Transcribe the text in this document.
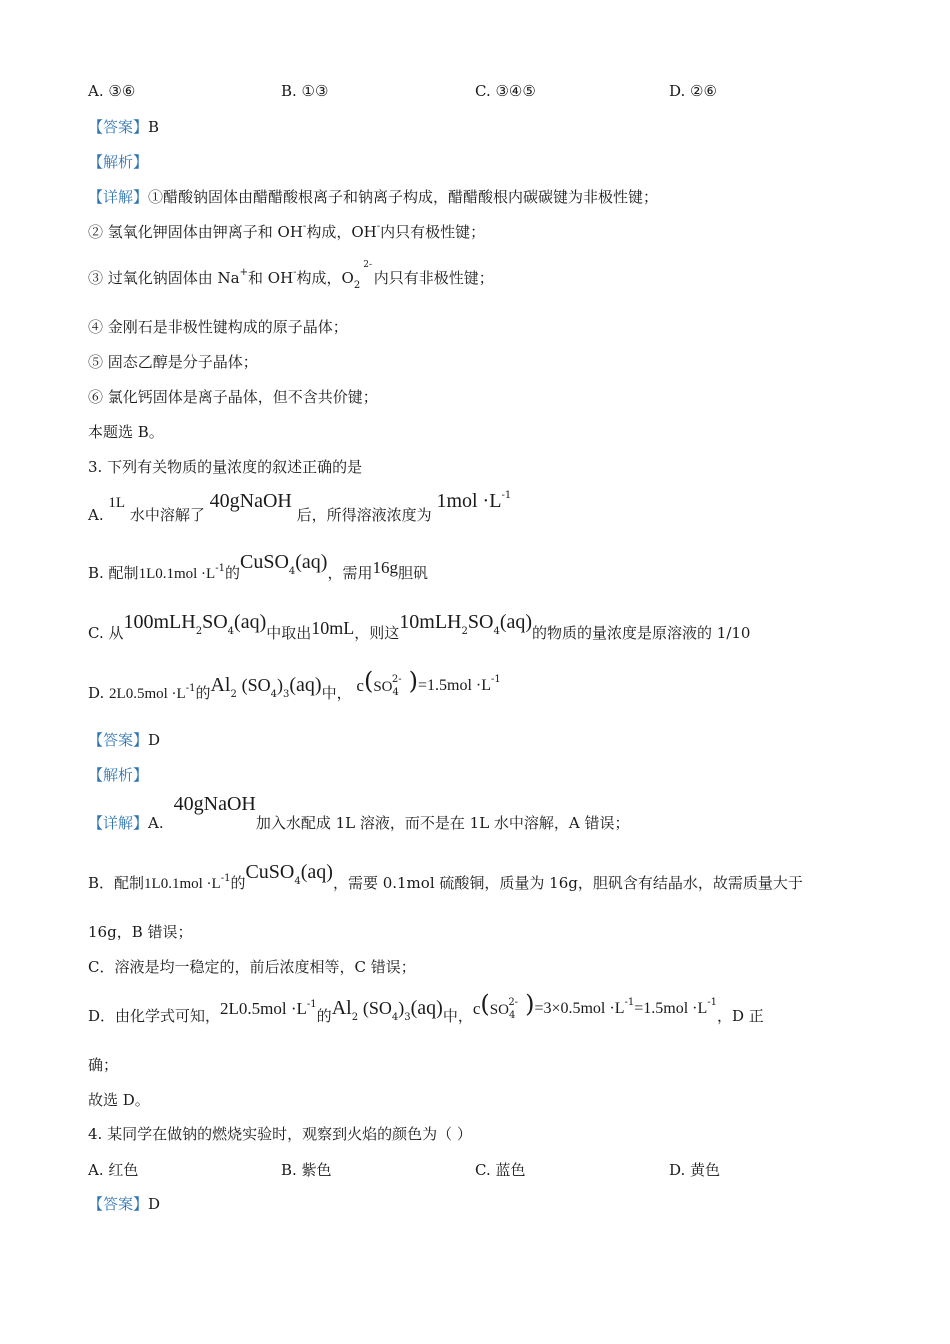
A. ③⑥	B. ①③	C. ③④⑤	D. ②⑥
【答案】B
【解析】
【详解】①醋酸钠固体由醋醋酸根离子和钠离子构成，醋醋酸根内碳碳键为非极性键；
② 氢氧化钾固体由钾离子和 OH-构成，OH-内只有极性键；
③ 过氧化钠固体由 Na+和 OH-构成，$O_2^{2-}$ 内只有非极性键；
④ 金刚石是非极性键构成的原子晶体；
⑤ 固态乙醇是分子晶体；
⑥ 氯化钙固体是离子晶体，但不含共价键；
本题选 B。
3. 下列有关物质的量浓度的叙述正确的是
A. 1L 水中溶解了 40gNaOH 后，所得溶液浓度为 $1mol \cdot L^{-1}$
B. 配制$1L0.1mol \cdot L_{-1}$的CuSO$_4$(aq)，需用16g胆矾
C. 从$100mLH_2SO_4(aq)$中取出10mL，则这$10mLH_2SO_4(aq)$的物质的量浓度是原溶液的 1/10
D. $2L0.5mol \cdot L_{-1}$的$Al_2$ $(SO_4)_3(aq)$中， $c(SO_4^{2-}$ )$=1.5mol \cdot L^{-1}$
【答案】D
【解析】
【详解】A.40gNaOH加入水配成 1L 溶液，而不是在 1L 水中溶解，A 错误；
B．配制$1L0.1mol \cdot L_{-1}$的CuSO$_4$(aq)，需要 0.1mol 硫酸铜，质量为 16g，胆矾含有结晶水，故需质量大于
16g，B 错误；
C．溶液是均一稳定的，前后浓度相等，C 错误；
D．由化学式可知，$2L0.5mol \cdot L^{-1}$的$Al_2$ $(SO_4)_3(aq)$中，$c(SO_4^{2-}$ )$=3\times 0.5mol \cdot L^{-1}=1.5mol \cdot L^{-1}$，D 正
确；
故选 D。
4. 某同学在做钠的燃烧实验时，观察到火焰的颜色为（ ）
A. 红色	B. 紫色	C. 蓝色	D. 黄色
【答案】D
